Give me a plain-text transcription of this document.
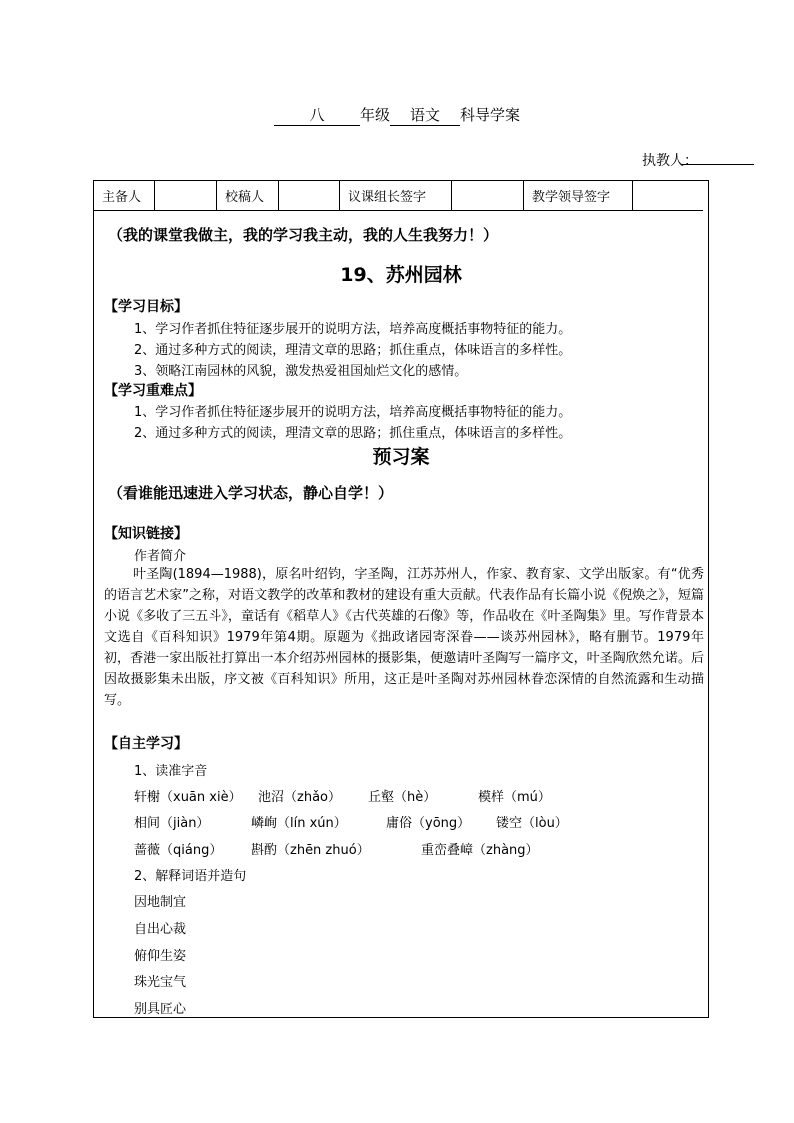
八 年级 语文 科导学案
执教人：
主备人		校稿人		议课组长签字		教学领导签字	
（我的课堂我做主，我的学习我主动，我的人生我努力！）
19、苏州园林
【学习目标】
1、学习作者抓住特征逐步展开的说明方法，培养高度概括事物特征的能力。
2、通过多种方式的阅读，理清文章的思路；抓住重点，体味语言的多样性。
3、领略江南园林的风貌，激发热爱祖国灿烂文化的感情。
【学习重难点】
1、学习作者抓住特征逐步展开的说明方法，培养高度概括事物特征的能力。
2、通过多种方式的阅读，理清文章的思路；抓住重点，体味语言的多样性。
预习案
（看谁能迅速进入学习状态，静心自学！）
【知识链接】
作者简介
叶圣陶(1894—1988)，原名叶绍钧，字圣陶，江苏苏州人，作家、教育家、文学出版家。有“优秀的语言艺术家”之称，对语文教学的改革和教材的建设有重大贡献。代表作品有长篇小说《倪焕之》，短篇小说《多收了三五斗》，童话有《稻草人》《古代英雄的石像》等，作品收在《叶圣陶集》里。写作背景本文选自《百科知识》1979年第4期。原题为《拙政诸园寄深眷——谈苏州园林》，略有删节。1979年初，香港一家出版社打算出一本介绍苏州园林的摄影集，便邀请叶圣陶写一篇序文，叶圣陶欣然允诺。后因故摄影集未出版，序文被《百科知识》所用，这正是叶圣陶对苏州园林眷恋深情的自然流露和生动描写。
【自主学习】
1、读准字音
轩榭（xuān xiè） 池沼（zhǎo） 丘壑（hè）	模样（mú）
相间（jiàn）	嶙峋（lín xún）	庸俗（yōng） 镂空（lòu）
蔷薇（qiáng） 斟酌（zhēn zhuó）	重峦叠嶂（zhàng）
2、解释词语并造句
因地制宜
自出心裁
俯仰生姿
珠光宝气
别具匠心
